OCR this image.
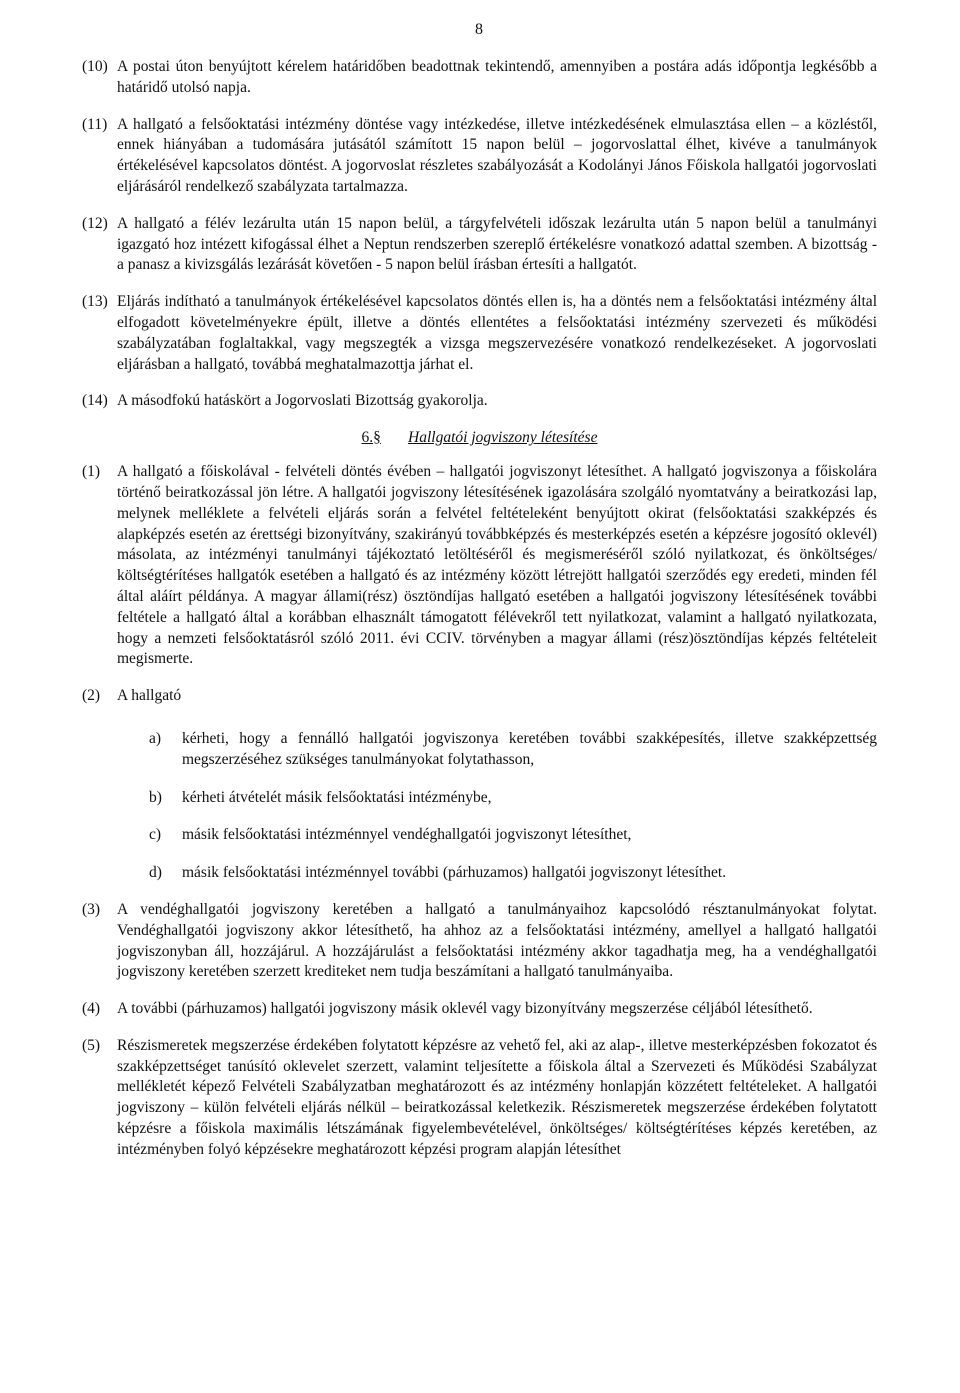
8

(10) A postai úton benyújtott kérelem határidőben beadottnak tekintendő, amennyiben a postára adás időpontja legkésőbb a határidő utolsó napja.

(11) A hallgató a felsőoktatási intézmény döntése vagy intézkedése, illetve intézkedésének elmulasztása ellen – a közléstől, ennek hiányában a tudomására jutásától számított 15 napon belül – jogorvoslattal élhet, kivéve a tanulmányok értékelésével kapcsolatos döntést. A jogorvoslat részletes szabályozását a Kodolányi János Főiskola hallgatói jogorvoslati eljárásáról rendelkező szabályzata tartalmazza.

(12) A hallgató a félév lezárulta után 15 napon belül, a tárgyfelvételi időszak lezárulta után 5 napon belül a tanulmányi igazgató hoz intézett kifogással élhet a Neptun rendszerben szereplő értékelésre vonatkozó adattal szemben. A bizottság - a panasz a kivizsgálás lezárását követően - 5 napon belül írásban értesíti a hallgatót.

(13) Eljárás indítható a tanulmányok értékelésével kapcsolatos döntés ellen is, ha a döntés nem a felsőoktatási intézmény által elfogadott követelményekre épült, illetve a döntés ellentétes a felsőoktatási intézmény szervezeti és működési szabályzatában foglaltakkal, vagy megszegték a vizsga megszervezésére vonatkozó rendelkezéseket. A jogorvoslati eljárásban a hallgató, továbbá meghatalmazottja járhat el.

(14) A másodfokú hatáskört a Jogorvoslati Bizottság gyakorolja.

6.§ Hallgatói jogviszony létesítése

(1) A hallgató a főiskolával - felvételi döntés évében – hallgatói jogviszonyt létesíthet. A hallgató jogviszonya a főiskolára történő beiratkozással jön létre. A hallgatói jogviszony létesítésének igazolására szolgáló nyomtatvány a beiratkozási lap, melynek melléklete a felvételi eljárás során a felvétel feltételeként benyújtott okirat (felsőoktatási szakképzés és alapképzés esetén az érettségi bizonyítvány, szakirányú továbbképzés és mesterképzés esetén a képzésre jogosító oklevél) másolata, az intézményi tanulmányi tájékoztató letöltéséről és megismeréséről szóló nyilatkozat, és önköltséges/ költségtérítéses hallgatók esetében a hallgató és az intézmény között létrejött hallgatói szerződés egy eredeti, minden fél által aláírt példánya. A magyar állami(rész) ösztöndíjas hallgató esetében a hallgatói jogviszony létesítésének további feltétele a hallgató által a korábban elhasznált támogatott félévekről tett nyilatkozat, valamint a hallgató nyilatkozata, hogy a nemzeti felsőoktatásról szóló 2011. évi CCIV. törvényben a magyar állami (rész)ösztöndíjas képzés feltételeit megismerte.

(2) A hallgató

a) kérheti, hogy a fennálló hallgatói jogviszonya keretében további szakképesítés, illetve szakképzettség megszerzéséhez szükséges tanulmányokat folytathasson,

b) kérheti átvételét másik felsőoktatási intézménybe,

c) másik felsőoktatási intézménnyel vendéghallgatói jogviszonyt létesíthet,

d) másik felsőoktatási intézménnyel további (párhuzamos) hallgatói jogviszonyt létesíthet.

(3) A vendéghallgatói jogviszony keretében a hallgató a tanulmányaihoz kapcsolódó résztanulmányokat folytat. Vendéghallgatói jogviszony akkor létesíthető, ha ahhoz az a felsőoktatási intézmény, amellyel a hallgató hallgatói jogviszonyban áll, hozzájárul. A hozzájárulást a felsőoktatási intézmény akkor tagadhatja meg, ha a vendéghallgatói jogviszony keretében szerzett krediteket nem tudja beszámítani a hallgató tanulmányaiba.

(4) A további (párhuzamos) hallgatói jogviszony másik oklevél vagy bizonyítvány megszerzése céljából létesíthető.

(5) Részismeretek megszerzése érdekében folytatott képzésre az vehető fel, aki az alap-, illetve mesterképzésben fokozatot és szakképzettséget tanúsító oklevelet szerzett, valamint teljesítette a főiskola által a Szervezeti és Működési Szabályzat mellékletét képező Felvételi Szabályzatban meghatározott és az intézmény honlapján közzétett feltételeket. A hallgatói jogviszony – külön felvételi eljárás nélkül – beiratkozással keletkezik. Részismeretek megszerzése érdekében folytatott képzésre a főiskola maximális létszámának figyelembevételével, önköltséges/ költségtérítéses képzés keretében, az intézményben folyó képzésekre meghatározott képzési program alapján létesíthet
